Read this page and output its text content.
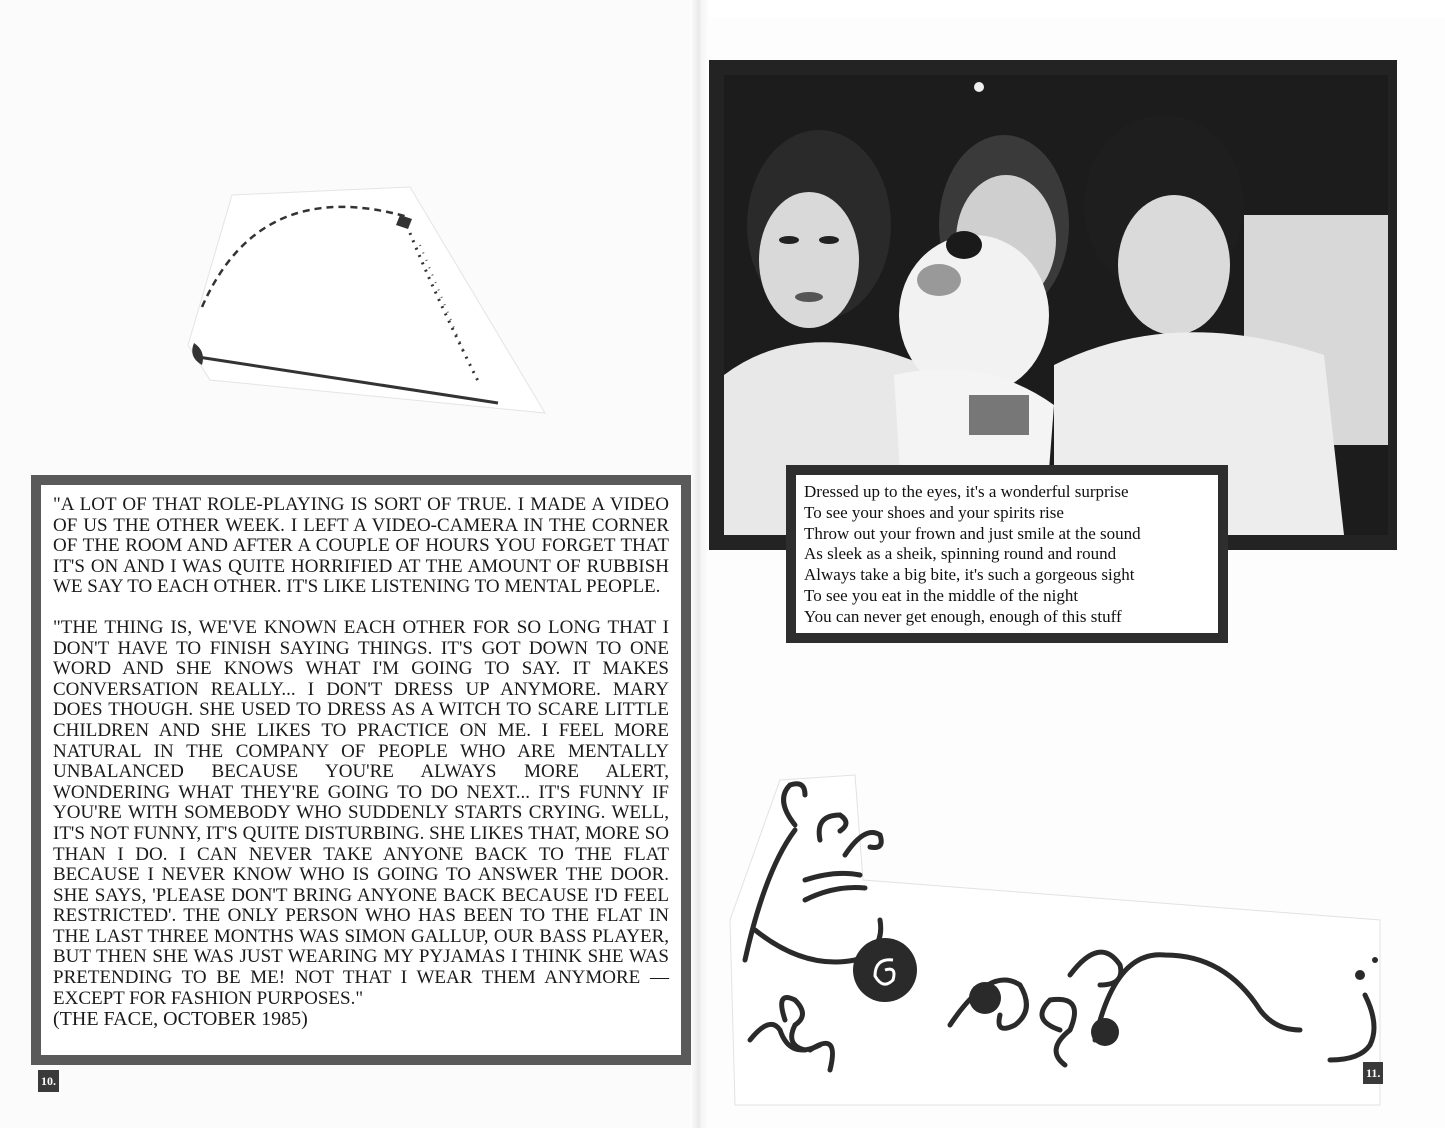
"A LOT OF THAT ROLE-PLAYING IS SORT OF TRUE. I MADE A VIDEO OF US THE OTHER WEEK. I LEFT A VIDEO-CAMERA IN THE CORNER OF THE ROOM AND AFTER A COUPLE OF HOURS YOU FORGET THAT IT'S ON AND I WAS QUITE HORRIFIED AT THE AMOUNT OF RUBBISH WE SAY TO EACH OTHER. IT'S LIKE LISTENING TO MENTAL PEOPLE.

"THE THING IS, WE'VE KNOWN EACH OTHER FOR SO LONG THAT I DON'T HAVE TO FINISH SAYING THINGS. IT'S GOT DOWN TO ONE WORD AND SHE KNOWS WHAT I'M GOING TO SAY. IT MAKES CONVERSATION REALLY... I DON'T DRESS UP ANYMORE. MARY DOES THOUGH. SHE USED TO DRESS AS A WITCH TO SCARE LITTLE CHILDREN AND SHE LIKES TO PRACTICE ON ME. I FEEL MORE NATURAL IN THE COMPANY OF PEOPLE WHO ARE MENTALLY UNBALANCED BECAUSE YOU'RE ALWAYS MORE ALERT, WONDERING WHAT THEY'RE GOING TO DO NEXT... IT'S FUNNY IF YOU'RE WITH SOMEBODY WHO SUDDENLY STARTS CRYING. WELL, IT'S NOT FUNNY, IT'S QUITE DISTURBING. SHE LIKES THAT, MORE SO THAN I DO. I CAN NEVER TAKE ANYONE BACK TO THE FLAT BECAUSE I NEVER KNOW WHO IS GOING TO ANSWER THE DOOR. SHE SAYS, 'PLEASE DON'T BRING ANYONE BACK BECAUSE I'D FEEL RESTRICTED'. THE ONLY PERSON WHO HAS BEEN TO THE FLAT IN THE LAST THREE MONTHS WAS SIMON GALLUP, OUR BASS PLAYER, BUT THEN SHE WAS JUST WEARING MY PYJAMAS I THINK SHE WAS PRETENDING TO BE ME! NOT THAT I WEAR THEM ANYMORE — EXCEPT FOR FASHION PURPOSES."

(THE FACE, OCTOBER 1985)
10.
Dressed up to the eyes, it's a wonderful surprise
To see your shoes and your spirits rise
Throw out your frown and just smile at the sound
As sleek as a sheik, spinning round and round
Always take a big bite, it's such a gorgeous sight
To see you eat in the middle of the night
You can never get enough, enough of this stuff
11.
